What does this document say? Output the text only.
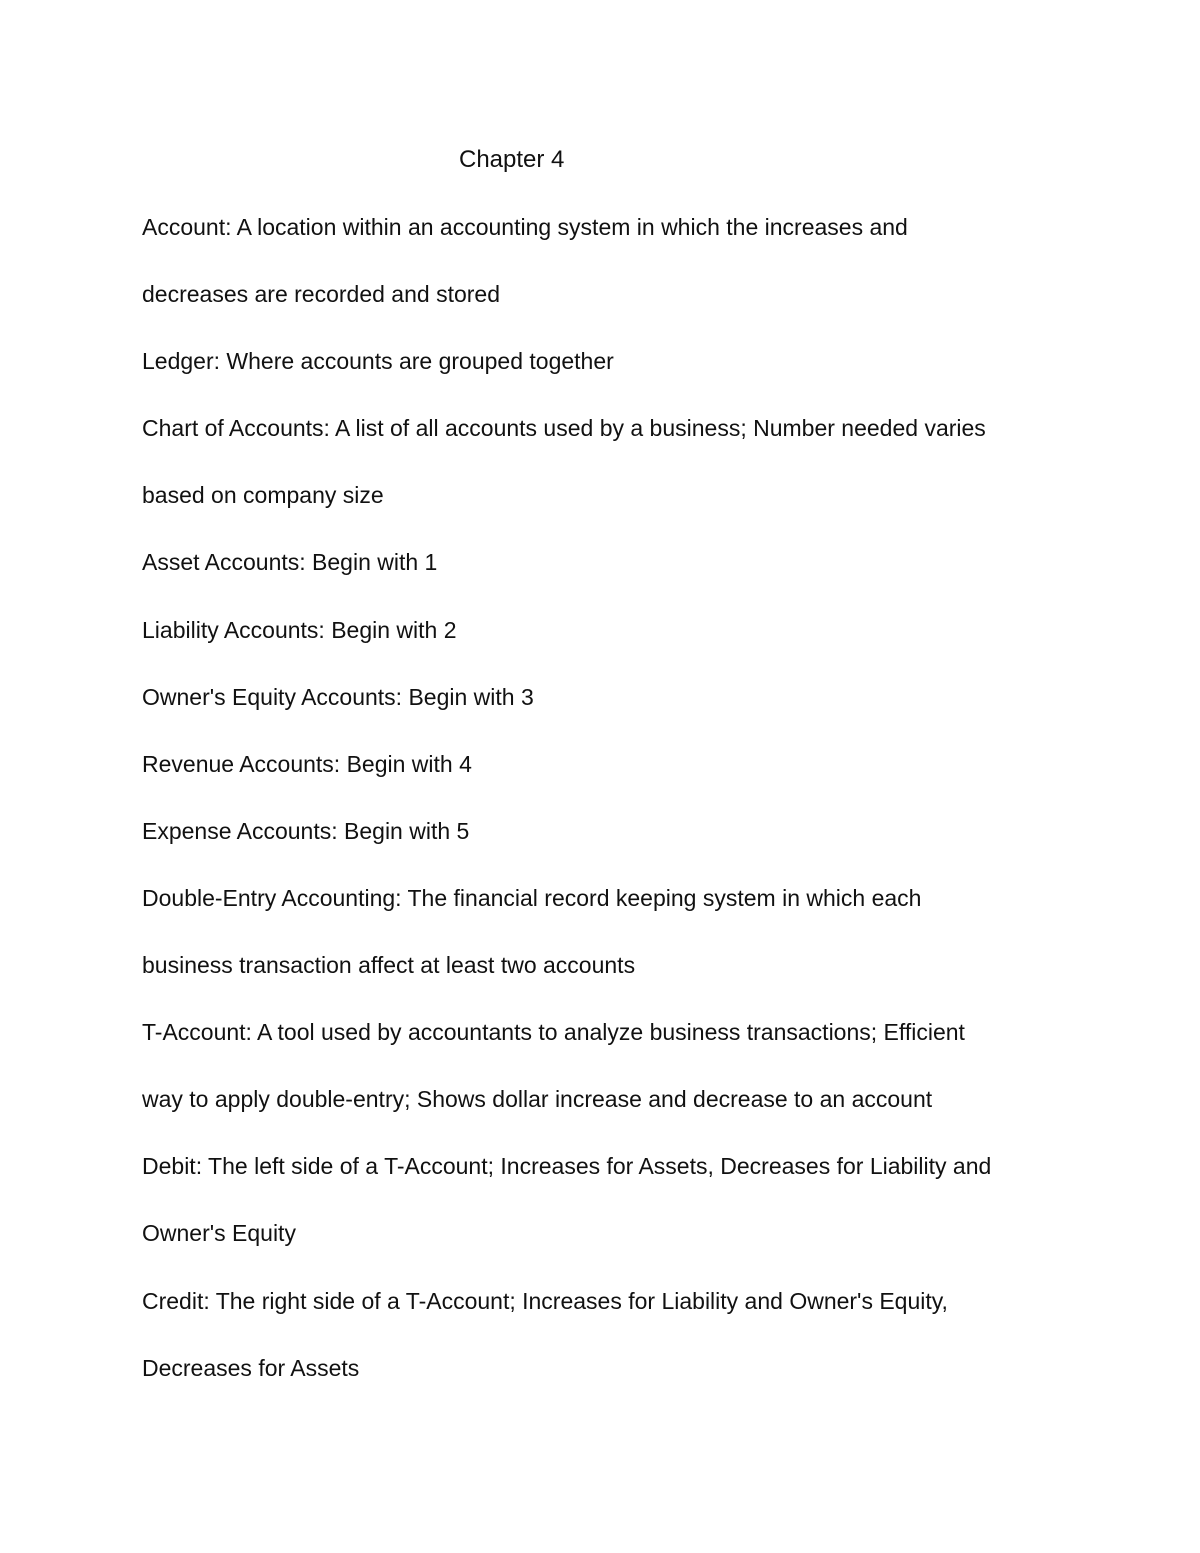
Chapter 4
Account: A location within an accounting system in which the increases and
decreases are recorded and stored
Ledger: Where accounts are grouped together
Chart of Accounts: A list of all accounts used by a business; Number needed varies
based on company size
Asset Accounts: Begin with 1
Liability Accounts: Begin with 2
Owner's Equity Accounts: Begin with 3
Revenue Accounts: Begin with 4
Expense Accounts: Begin with 5
Double-Entry Accounting: The financial record keeping system in which each
business transaction affect at least two accounts
T-Account: A tool used by accountants to analyze business transactions; Efficient
way to apply double-entry; Shows dollar increase and decrease to an account
Debit: The left side of a T-Account; Increases for Assets, Decreases for Liability and
Owner's Equity
Credit: The right side of a T-Account; Increases for Liability and Owner's Equity,
Decreases for Assets
